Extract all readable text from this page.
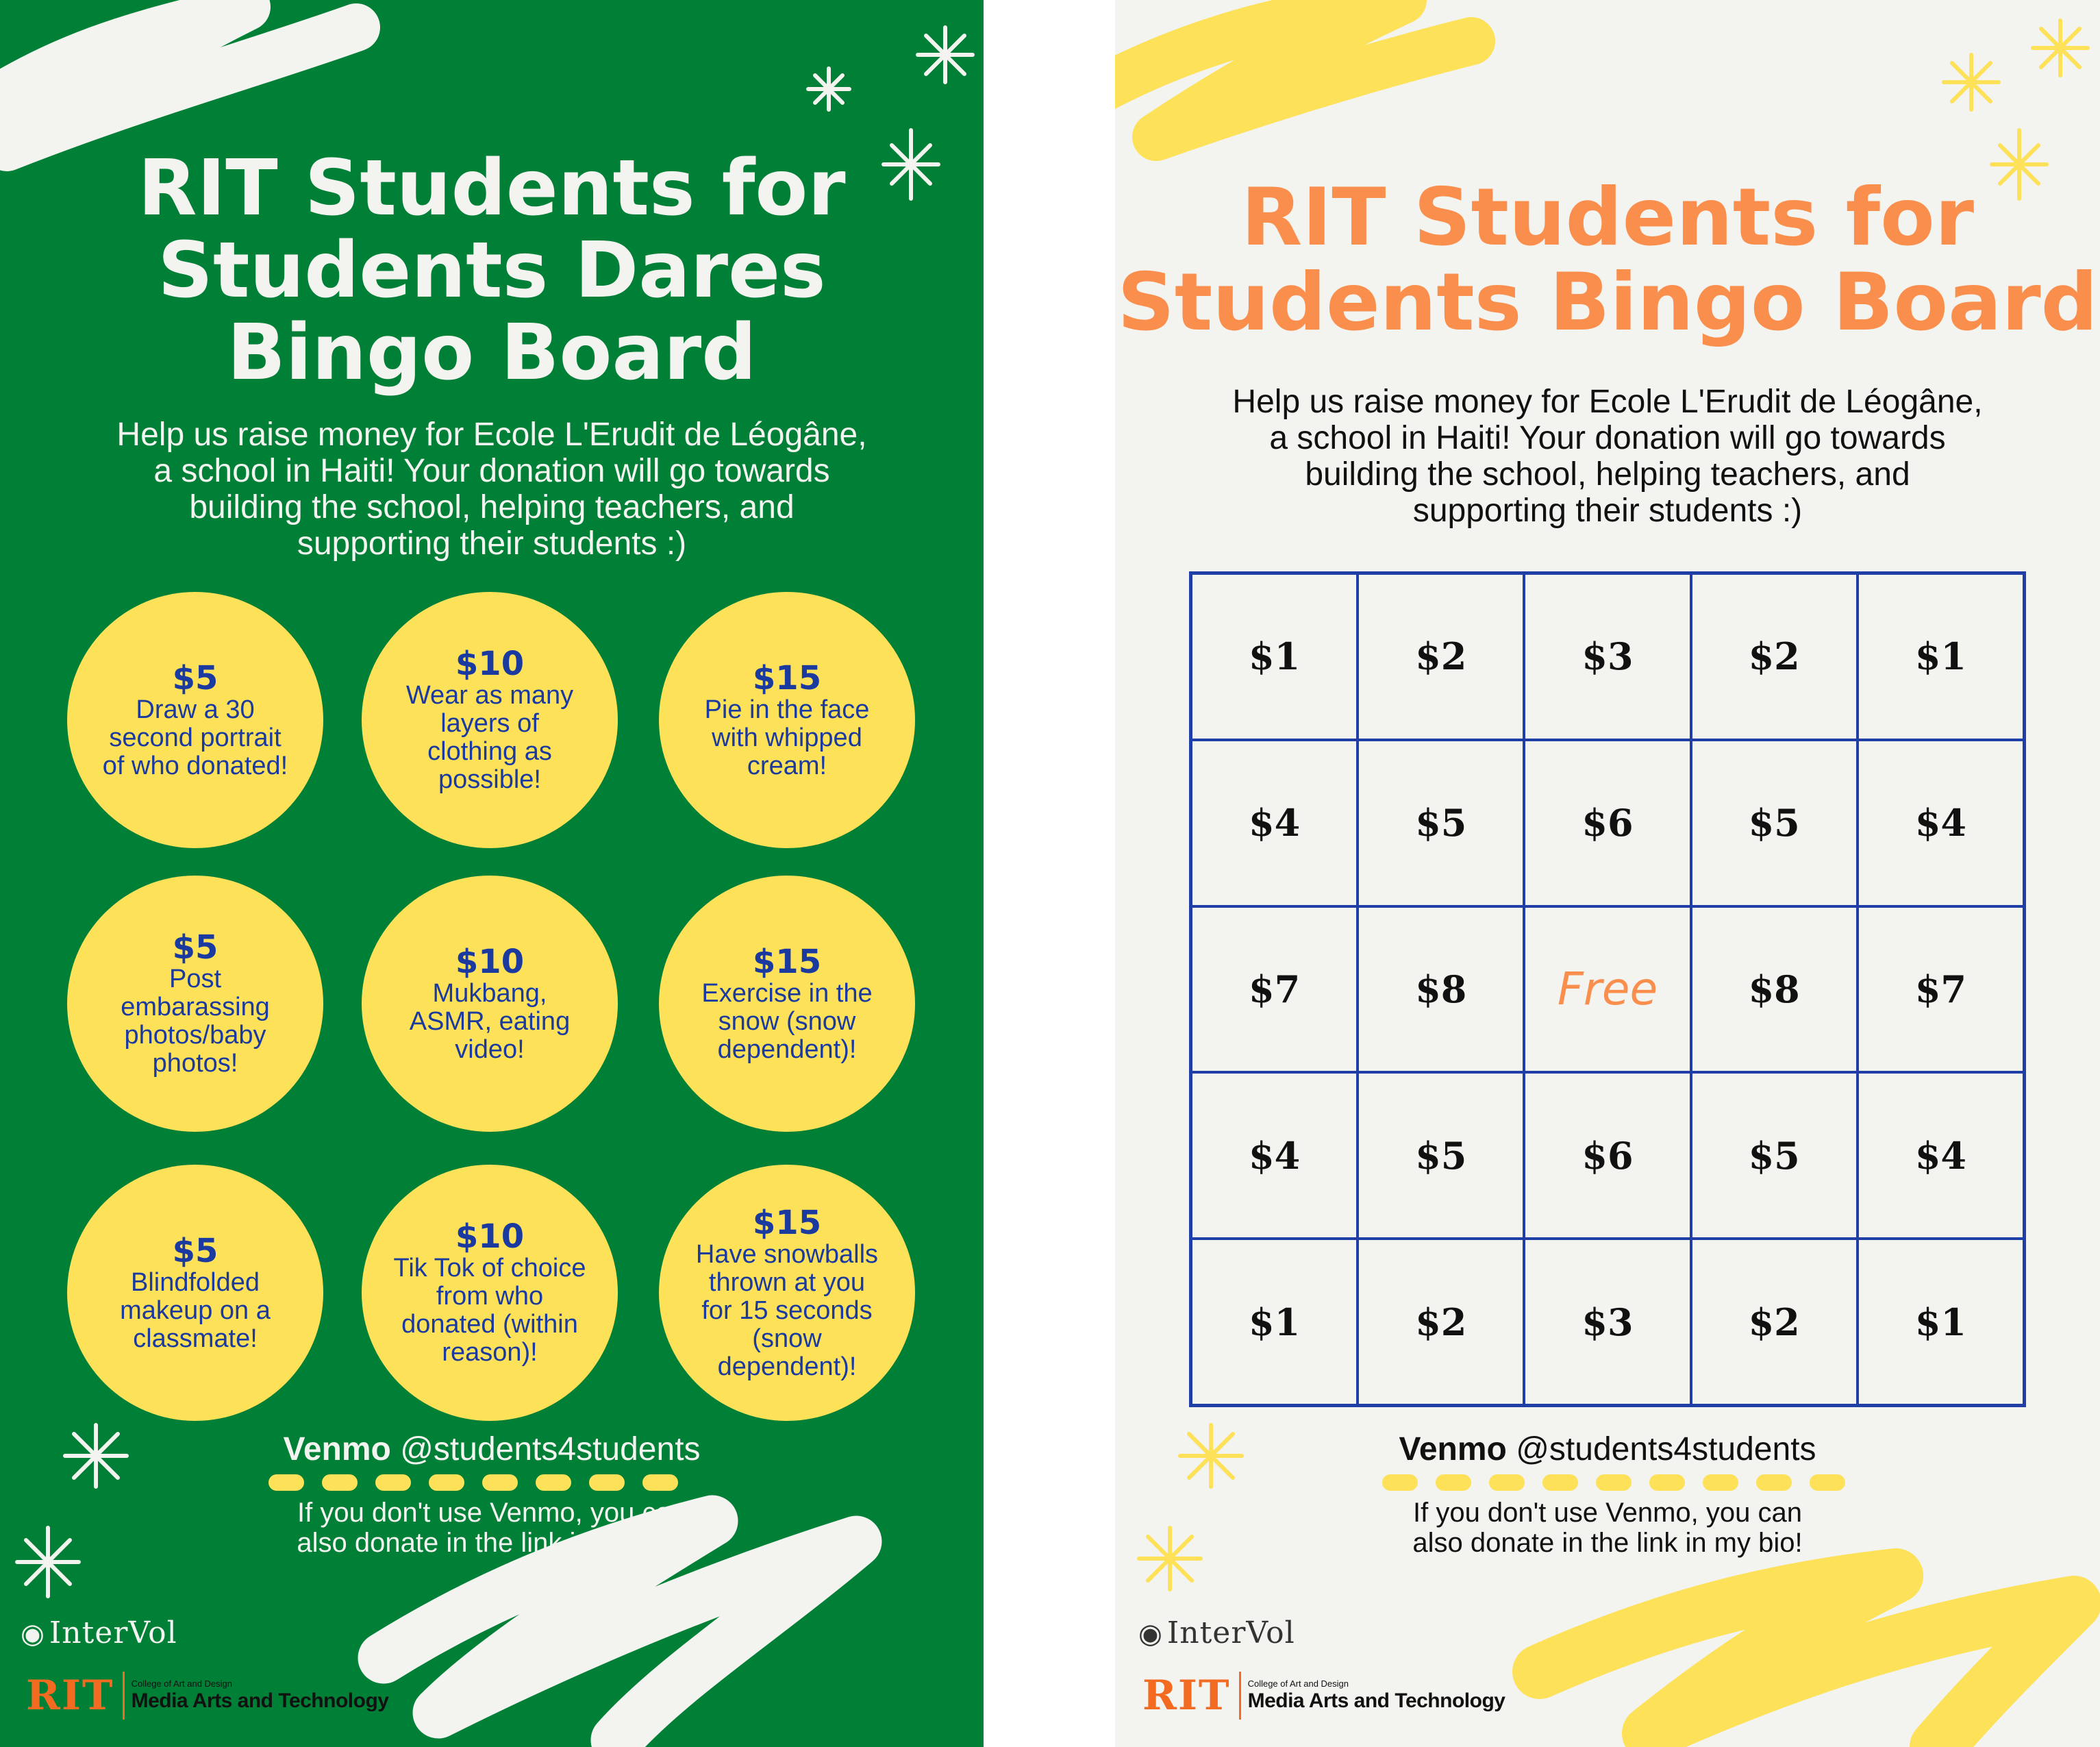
RIT Students for
Students Dares
Bingo Board
Help us raise money for Ecole L'Erudit de Léogâne,
a school in Haiti! Your donation will go towards
building the school, helping teachers, and
supporting their students :)
$5
Draw a 30
second portrait
of who donated!
$10
Wear as many
layers of
clothing as
possible!
$15
Pie in the face
with whipped
cream!
$5
Post
embarassing
photos/baby
photos!
$10
Mukbang,
ASMR, eating
video!
$15
Exercise in the
snow (snow
dependent)!
$5
Blindfolded
makeup on a
classmate!
$10
Tik Tok of choice
from who
donated (within
reason)!
$15
Have snowballs
thrown at you
for 15 seconds
(snow
dependent)!
Venmo @students4students
If you don't use Venmo, you can
also donate in the link in my bio!
◉ InterVol
RIT	College of Art and Design
Media Arts and Technology
RIT Students for
Students Bingo Board
Help us raise money for Ecole L'Erudit de Léogâne,
a school in Haiti! Your donation will go towards
building the school, helping teachers, and
supporting their students :)
$1	$2	$3	$2	$1
$4	$5	$6	$5	$4
$7	$8	Free	$8	$7
$4	$5	$6	$5	$4
$1	$2	$3	$2	$1
Venmo @students4students
If you don't use Venmo, you can
also donate in the link in my bio!
◉ InterVol
RIT	College of Art and Design
Media Arts and Technology
